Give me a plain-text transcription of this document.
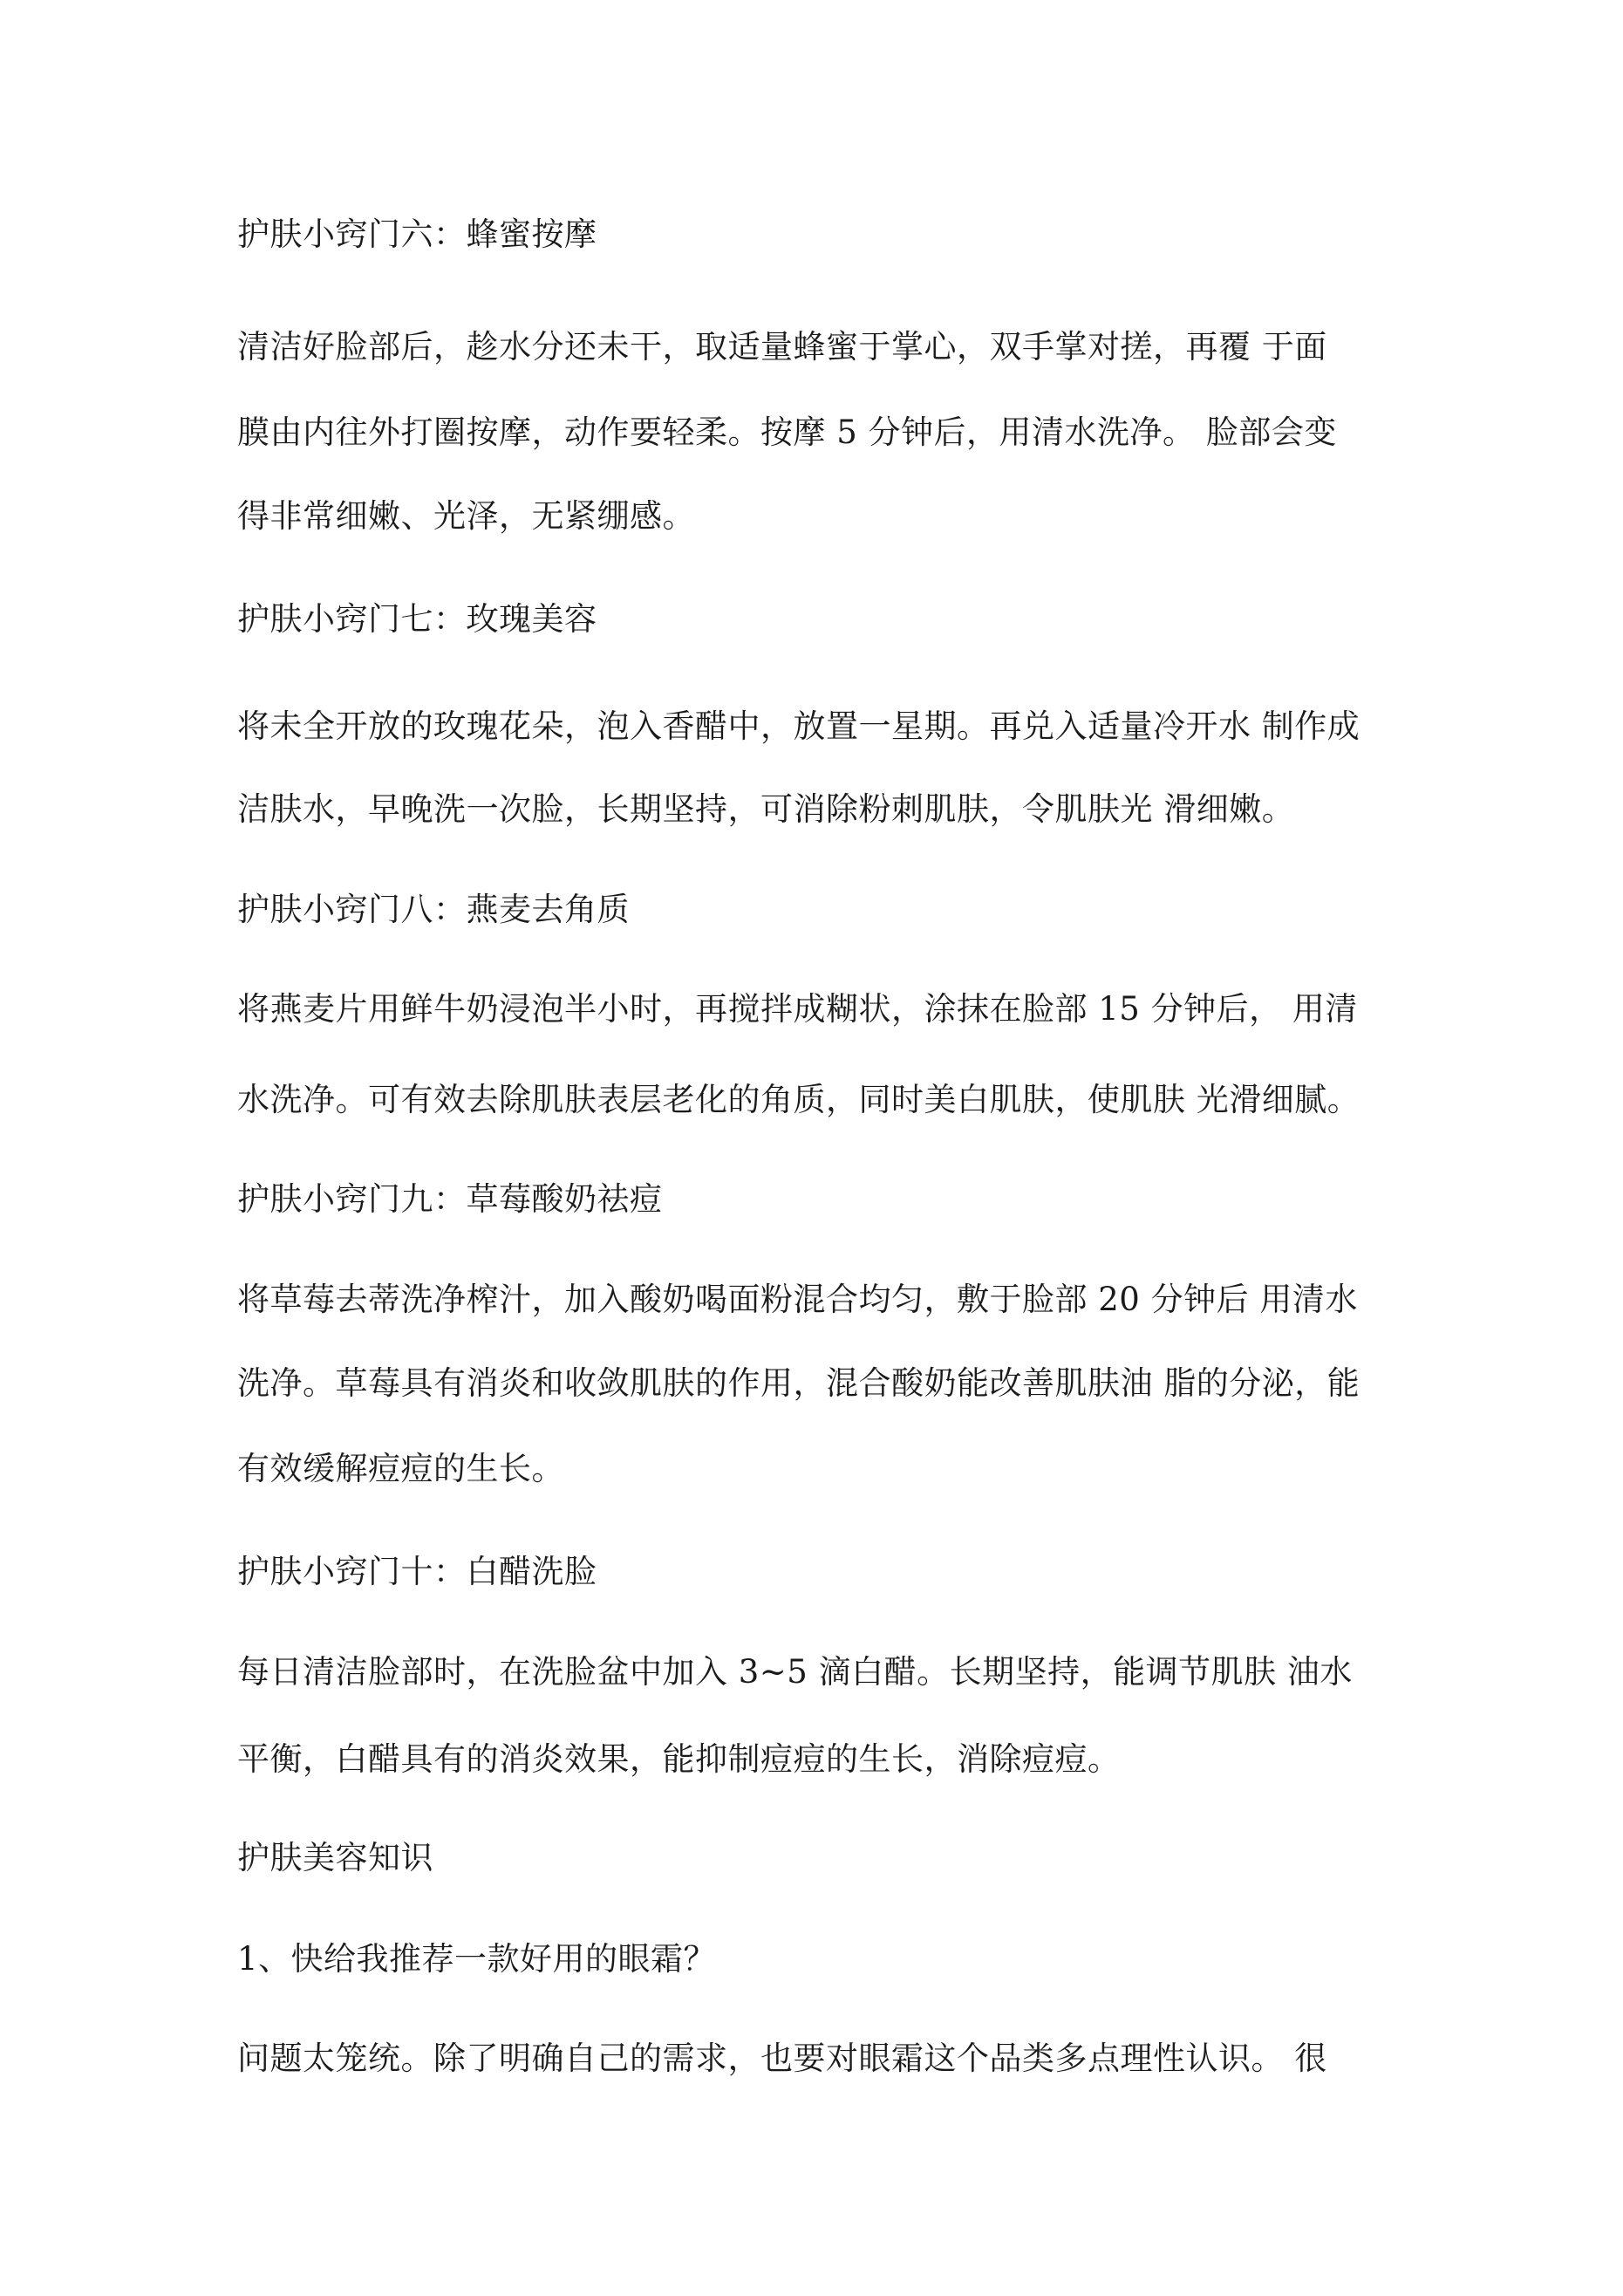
护肤小窍门六：蜂蜜按摩

清洁好脸部后，趁水分还未干，取适量蜂蜜于掌心，双手掌对搓，再覆 于面

膜由内往外打圈按摩，动作要轻柔。按摩 5 分钟后，用清水洗净。 脸部会变

得非常细嫩、光泽，无紧绷感。

护肤小窍门七：玫瑰美容

将未全开放的玫瑰花朵，泡入香醋中，放置一星期。再兑入适量冷开水 制作成

洁肤水，早晚洗一次脸，长期坚持，可消除粉刺肌肤，令肌肤光 滑细嫩。

护肤小窍门八：燕麦去角质

将燕麦片用鲜牛奶浸泡半小时，再搅拌成糊状，涂抹在脸部 15 分钟后， 用清

水洗净。可有效去除肌肤表层老化的角质，同时美白肌肤，使肌肤 光滑细腻。

护肤小窍门九：草莓酸奶祛痘

将草莓去蒂洗净榨汁，加入酸奶喝面粉混合均匀，敷于脸部 20 分钟后 用清水

洗净。草莓具有消炎和收敛肌肤的作用，混合酸奶能改善肌肤油 脂的分泌，能

有效缓解痘痘的生长。

护肤小窍门十：白醋洗脸

每日清洁脸部时，在洗脸盆中加入 3~5 滴白醋。长期坚持，能调节肌肤 油水

平衡，白醋具有的消炎效果，能抑制痘痘的生长，消除痘痘。

护肤美容知识

1、快给我推荐一款好用的眼霜？

问题太笼统。除了明确自己的需求，也要对眼霜这个品类多点理性认识。 很
